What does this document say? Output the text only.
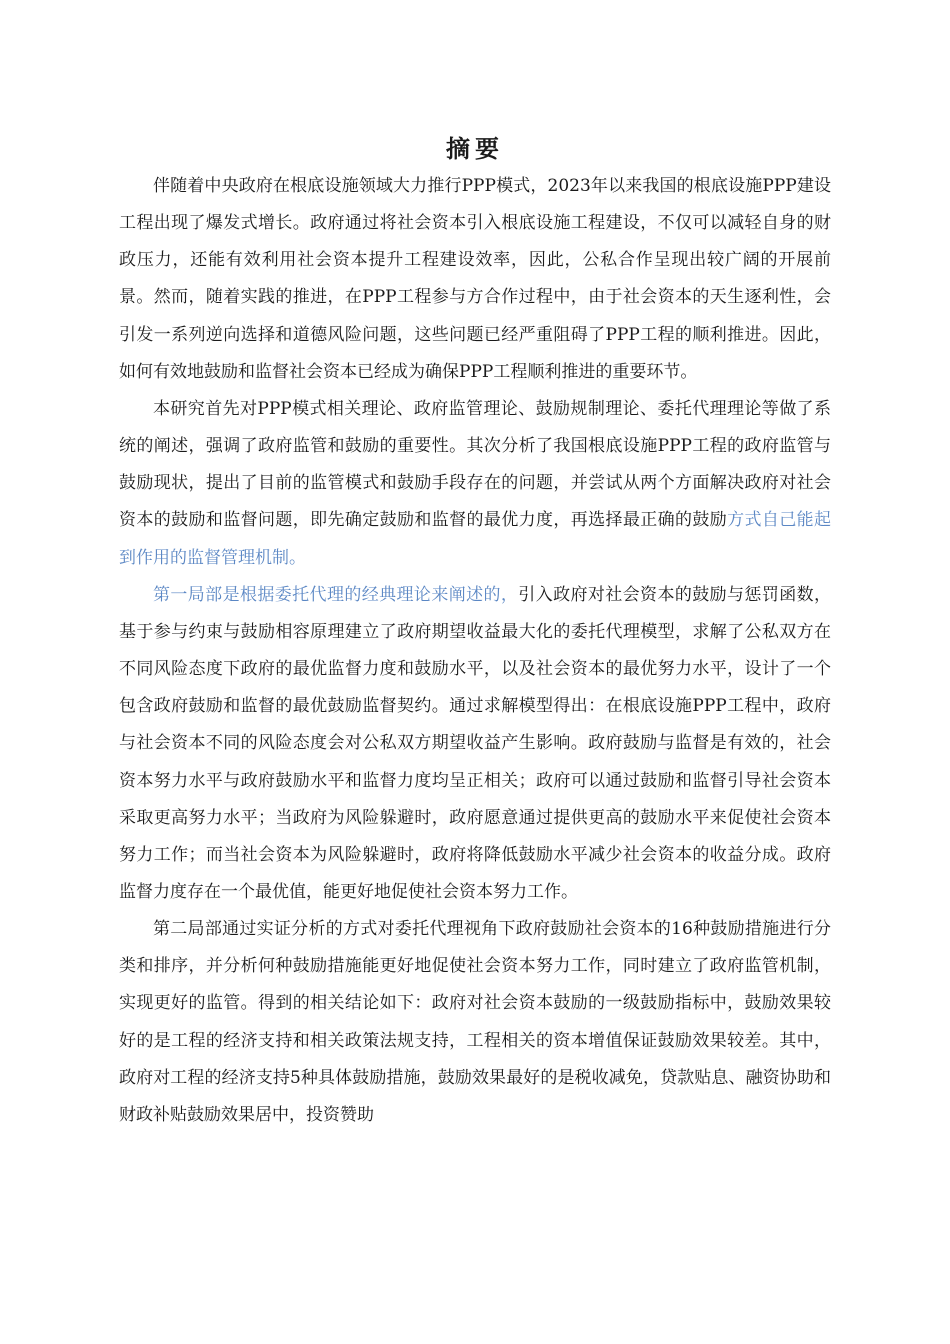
摘要

伴随着中央政府在根底设施领域大力推行PPP模式，2023年以来我国的根底设施PPP建设工程出现了爆发式增长。政府通过将社会资本引入根底设施工程建设，不仅可以减轻自身的财政压力，还能有效利用社会资本提升工程建设效率，因此，公私合作呈现出较广阔的开展前景。然而，随着实践的推进，在PPP工程参与方合作过程中，由于社会资本的天生逐利性，会引发一系列逆向选择和道德风险问题，这些问题已经严重阻碍了PPP工程的顺利推进。因此，如何有效地鼓励和监督社会资本已经成为确保PPP工程顺利推进的重要环节。

本研究首先对PPP模式相关理论、政府监管理论、鼓励规制理论、委托代理理论等做了系统的阐述，强调了政府监管和鼓励的重要性。其次分析了我国根底设施PPP工程的政府监管与鼓励现状，提出了目前的监管模式和鼓励手段存在的问题，并尝试从两个方面解决政府对社会资本的鼓励和监督问题，即先确定鼓励和监督的最优力度，再选择最正确的鼓励方式自己能起到作用的监督管理机制。

第一局部是根据委托代理的经典理论来阐述的，引入政府对社会资本的鼓励与惩罚函数，基于参与约束与鼓励相容原理建立了政府期望收益最大化的委托代理模型，求解了公私双方在不同风险态度下政府的最优监督力度和鼓励水平，以及社会资本的最优努力水平，设计了一个包含政府鼓励和监督的最优鼓励监督契约。通过求解模型得出：在根底设施PPP工程中，政府与社会资本不同的风险态度会对公私双方期望收益产生影响。政府鼓励与监督是有效的，社会资本努力水平与政府鼓励水平和监督力度均呈正相关；政府可以通过鼓励和监督引导社会资本采取更高努力水平；当政府为风险躲避时，政府愿意通过提供更高的鼓励水平来促使社会资本努力工作；而当社会资本为风险躲避时，政府将降低鼓励水平减少社会资本的收益分成。政府监督力度存在一个最优值，能更好地促使社会资本努力工作。

第二局部通过实证分析的方式对委托代理视角下政府鼓励社会资本的16种鼓励措施进行分类和排序，并分析何种鼓励措施能更好地促使社会资本努力工作，同时建立了政府监管机制，实现更好的监管。得到的相关结论如下：政府对社会资本鼓励的一级鼓励指标中，鼓励效果较好的是工程的经济支持和相关政策法规支持，工程相关的资本增值保证鼓励效果较差。其中，政府对工程的经济支持5种具体鼓励措施，鼓励效果最好的是税收减免，贷款贴息、融资协助和财政补贴鼓励效果居中，投资赞助
